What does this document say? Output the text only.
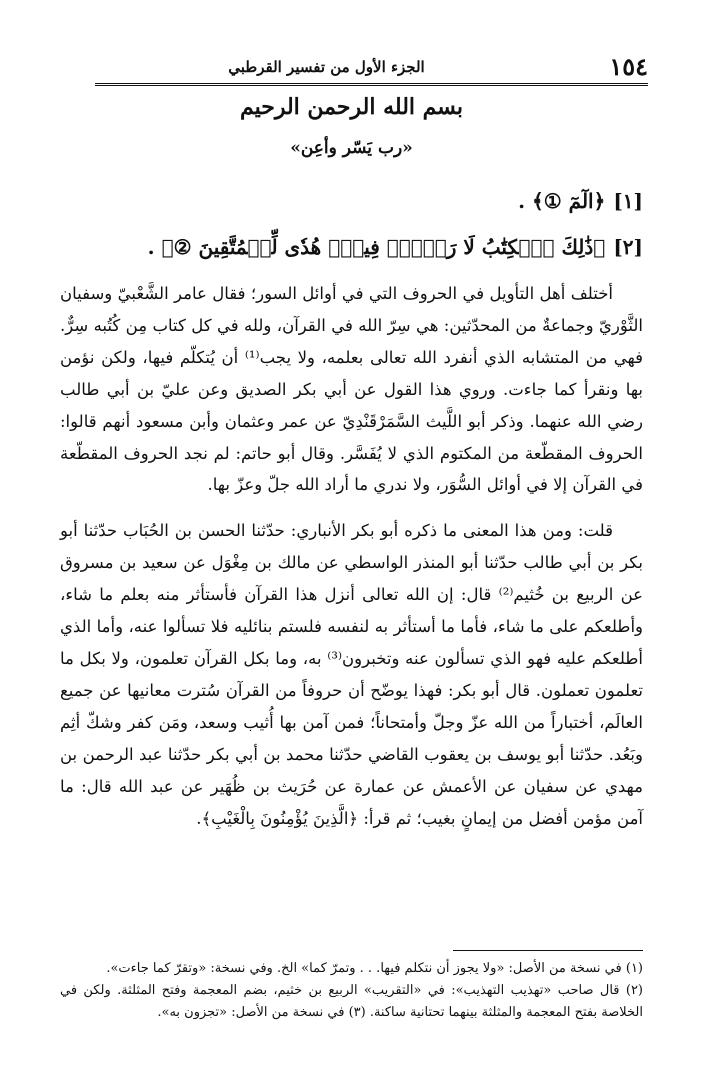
١٥٤
الجزء الأول من تفسير القرطبي
بسم الله الرحمن الرحيم
«رب يَسّر وأعِن»
[١]﴿الٓمٓ ①﴾ .
[٢]﴿ذَٰلِكَ ٱلۡكِتَٰبُ لَا رَيۡبَۛ فِيهِۛ هُدٗى لِّلۡمُتَّقِينَ ②﴾ .

أختلف أهل التأويل في الحروف التي في أوائل السور؛ فقال عامر الشَّعْبيّ وسفيان الثَّوْريّ وجماعةٌ من المحدّثين: هي سِرّ الله في القرآن، ولله في كل كتاب مِن كُتُبه سِرٌّ. فهي من المتشابه الذي أنفرد الله تعالى بعلمه، ولا يجب⁽¹⁾ أن يُتكلّم فيها، ولكن نؤمن بها ونقرأ كما جاءت. وروي هذا القول عن أبي بكر الصديق وعن عليّ بن أبي طالب رضي الله عنهما. وذكر أبو اللَّيث السَّمَرْقَنْدِيّ عن عمر وعثمان وأبن مسعود أنهم قالوا: الحروف المقطّعة من المكتوم الذي لا يُفَسَّر. وقال أبو حاتم: لم نجد الحروف المقطّعة في القرآن إلا في أوائل السُّوَر، ولا ندري ما أراد الله جلّ وعزّ بها.

قلت: ومن هذا المعنى ما ذكره أبو بكر الأنباري: حدّثنا الحسن بن الحُبَاب حدّثنا أبو بكر بن أبي طالب حدّثنا أبو المنذر الواسطي عن مالك بن مِغْوَل عن سعيد بن مسروق عن الربيع بن خُثيم⁽²⁾ قال: إن الله تعالى أنزل هذا القرآن فأستأثر منه بعلم ما شاء، وأطلعكم على ما شاء، فأما ما أستأثر به لنفسه فلستم بنائليه فلا تسألوا عنه، وأما الذي أطلعكم عليه فهو الذي تسألون عنه وتخبرون⁽³⁾ به، وما بكل القرآن تعلمون، ولا بكل ما تعلمون تعملون. قال أبو بكر: فهذا يوضّح أن حروفاً من القرآن سُترت معانيها عن جميع العالَم، أختباراً من الله عزّ وجلّ وأمتحاناً؛ فمن آمن بها أُثيب وسعد، ومَن كفر وشكّ أثِم وبَعُد. حدّثنا أبو يوسف بن يعقوب القاضي حدّثنا محمد بن أبي بكر حدّثنا عبد الرحمن بن مهدي عن سفيان عن الأعمش عن عمارة عن حُرَيث بن ظُهَير عن عبد الله قال: ما آمن مؤمن أفضل من إيمانٍ بغيب؛ ثم قرأ: ﴿الَّذِينَ يُؤْمِنُونَ بِالْغَيْبِ﴾.

(١) في نسخة من الأصل: «ولا يجوز أن نتكلم فيها. . . وتمرّ كما» الخ. وفي نسخة: «وتقرّ كما جاءت».

(٢) قال صاحب «تهذيب التهذيب»: في «التقريب» الربيع بن خثيم، بضم المعجمة وفتح المثلثة. ولكن في الخلاصة بفتح المعجمة والمثلثة بينهما تحتانية ساكنة. (٣) في نسخة من الأصل: «تجزون به».
